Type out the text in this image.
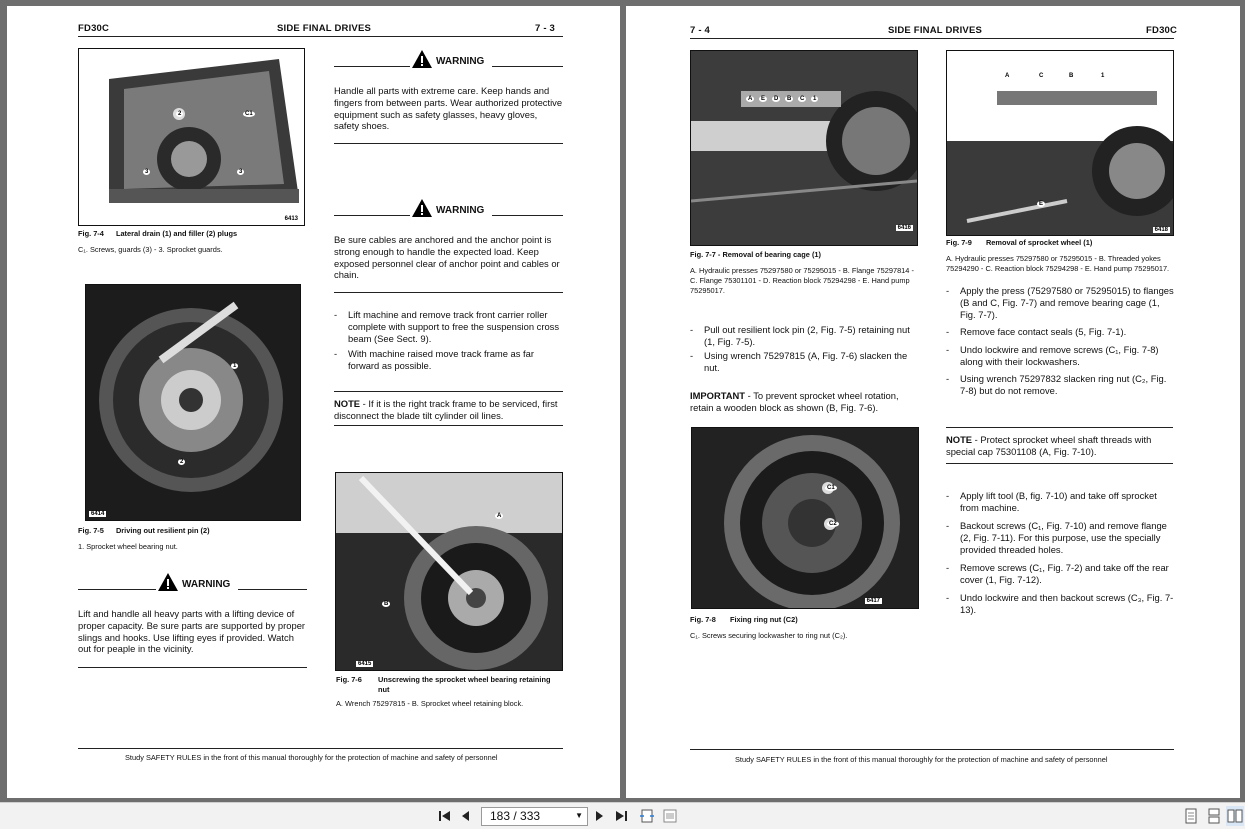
FD30C	SIDE FINAL DRIVES	7 - 3
6413
2	C1
3	3
Fig. 7-4 Lateral drain (1) and filler (2) plugs
C₁. Screws, guards (3) - 3. Sprocket guards.
6414
1
2
Fig. 7-5 Driving out resilient pin (2)
1. Sprocket wheel bearing nut.
WARNING
Lift and handle all heavy parts with a lifting device of proper capacity. Be sure parts are supported by proper slings and hooks. Use lifting eyes if provided. Watch out for peaple in the vicinity.
WARNING
Handle all parts with extreme care. Keep hands and fingers from between parts. Wear authorized protective equipment such as safety glasses, heavy gloves, safety shoes.
WARNING
Be sure cables are anchored and the anchor point is strong enough to handle the expected load. Keep exposed personnel clear of anchor point and cables or chain.
- Lift machine and remove track front carrier roller complete with support to free the suspension cross beam (See Sect. 9).
- With machine raised move track frame as far forward as possible.
NOTE - If it is the right track frame to be serviced, first disconnect the blade tilt cylinder oil lines.
6415
A
B
Fig. 7-6 Unscrewing the sprocket wheel bearing retaining nut
A. Wrench 75297815 - B. Sprocket wheel retaining block.
Study SAFETY RULES in the front of this manual thoroughly for the protection of machine and safety of personnel
7 - 4	SIDE FINAL DRIVES	FD30C
6416
A	E	D	B	C	1
Fig. 7-7 - Removal of bearing cage (1)
A. Hydraulic presses 75297580 or 75295015 - B. Flange 75297814 - C. Flange 75301101 - D. Reaction block 75294298 - E. Hand pump 75295017.
- Pull out resilient lock pin (2, Fig. 7-5) retaining nut (1, Fig. 7-5).
- Using wrench 75297815 (A, Fig. 7-6) slacken the nut.
IMPORTANT - To prevent sprocket wheel rotation, retain a wooden block as shown (B, Fig. 7-6).
6417
C1
C2
Fig. 7-8 Fixing ring nut (C2)
C₁. Screws securing lockwasher to ring nut (C₂).
6418
A	C	B	1
E
Fig. 7-9 Removal of sprocket wheel (1)
A. Hydraulic presses 75297580 or 75295015 - B. Threaded yokes 75294290 - C. Reaction block 75294298 - E. Hand pump 75295017.
- Apply the press (75297580 or 75295015) to flanges (B and C, Fig. 7-7) and remove bearing cage (1, Fig. 7-7).
- Remove face contact seals (5, Fig. 7-1).
- Undo lockwire and remove screws (C₁, Fig. 7-8) along with their lockwashers.
- Using wrench 75297832 slacken ring nut (C₂, Fig. 7-8) but do not remove.
NOTE - Protect sprocket wheel shaft threads with special cap 75301108 (A, Fig. 7-10).
- Apply lift tool (B, fig. 7-10) and take off sprocket from machine.
- Backout screws (C₁, Fig. 7-10) and remove flange (2, Fig. 7-11). For this purpose, use the specially provided threaded holes.
- Remove screws (C₁, Fig. 7-2) and take off the rear cover (1, Fig. 7-12).
- Undo lockwire and then backout screws (C₃, Fig. 7-13).
Study SAFETY RULES in the front of this manual thoroughly for the protection of machine and safety of personnel
183 / 333	▼
